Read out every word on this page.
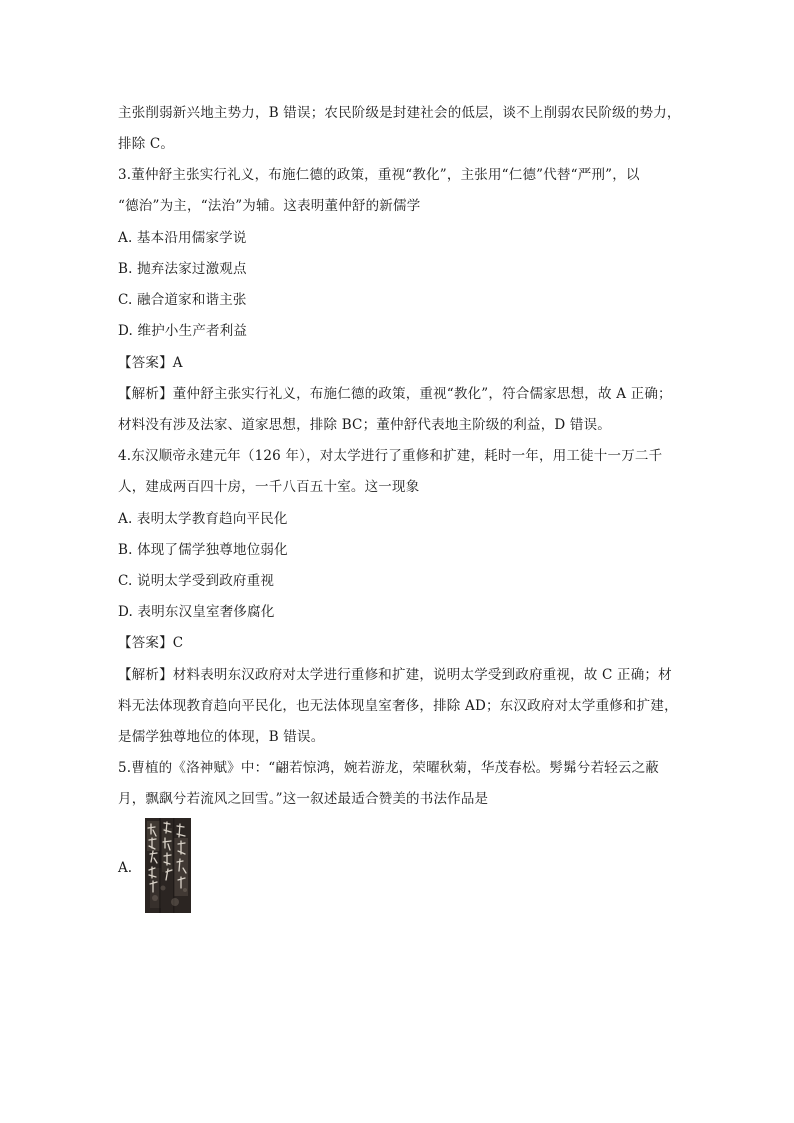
主张削弱新兴地主势力，B 错误；农民阶级是封建社会的低层，谈不上削弱农民阶级的势力，
排除 C。
3.董仲舒主张实行礼义，布施仁德的政策，重视“教化”，主张用“仁德”代替“严刑”，以
“德治”为主，“法治”为辅。这表明董仲舒的新儒学
A. 基本沿用儒家学说
B. 抛弃法家过激观点
C. 融合道家和谐主张
D. 维护小生产者利益
【答案】A
【解析】董仲舒主张实行礼义，布施仁德的政策，重视“教化”，符合儒家思想，故 A 正确；
材料没有涉及法家、道家思想，排除 BC；董仲舒代表地主阶级的利益，D 错误。
4.东汉顺帝永建元年（126 年），对太学进行了重修和扩建，耗时一年，用工徒十一万二千
人，建成两百四十房，一千八百五十室。这一现象
A. 表明太学教育趋向平民化
B. 体现了儒学独尊地位弱化
C. 说明太学受到政府重视
D. 表明东汉皇室奢侈腐化
【答案】C
【解析】材料表明东汉政府对太学进行重修和扩建，说明太学受到政府重视，故 C 正确；材
料无法体现教育趋向平民化，也无法体现皇室奢侈，排除 AD；东汉政府对太学重修和扩建，
是儒学独尊地位的体现，B 错误。
5.曹植的《洛神赋》中：“翩若惊鸿，婉若游龙，荣曜秋菊，华茂春松。髣髴兮若轻云之蔽
月，飘飖兮若流风之回雪。”这一叙述最适合赞美的书法作品是
A.
